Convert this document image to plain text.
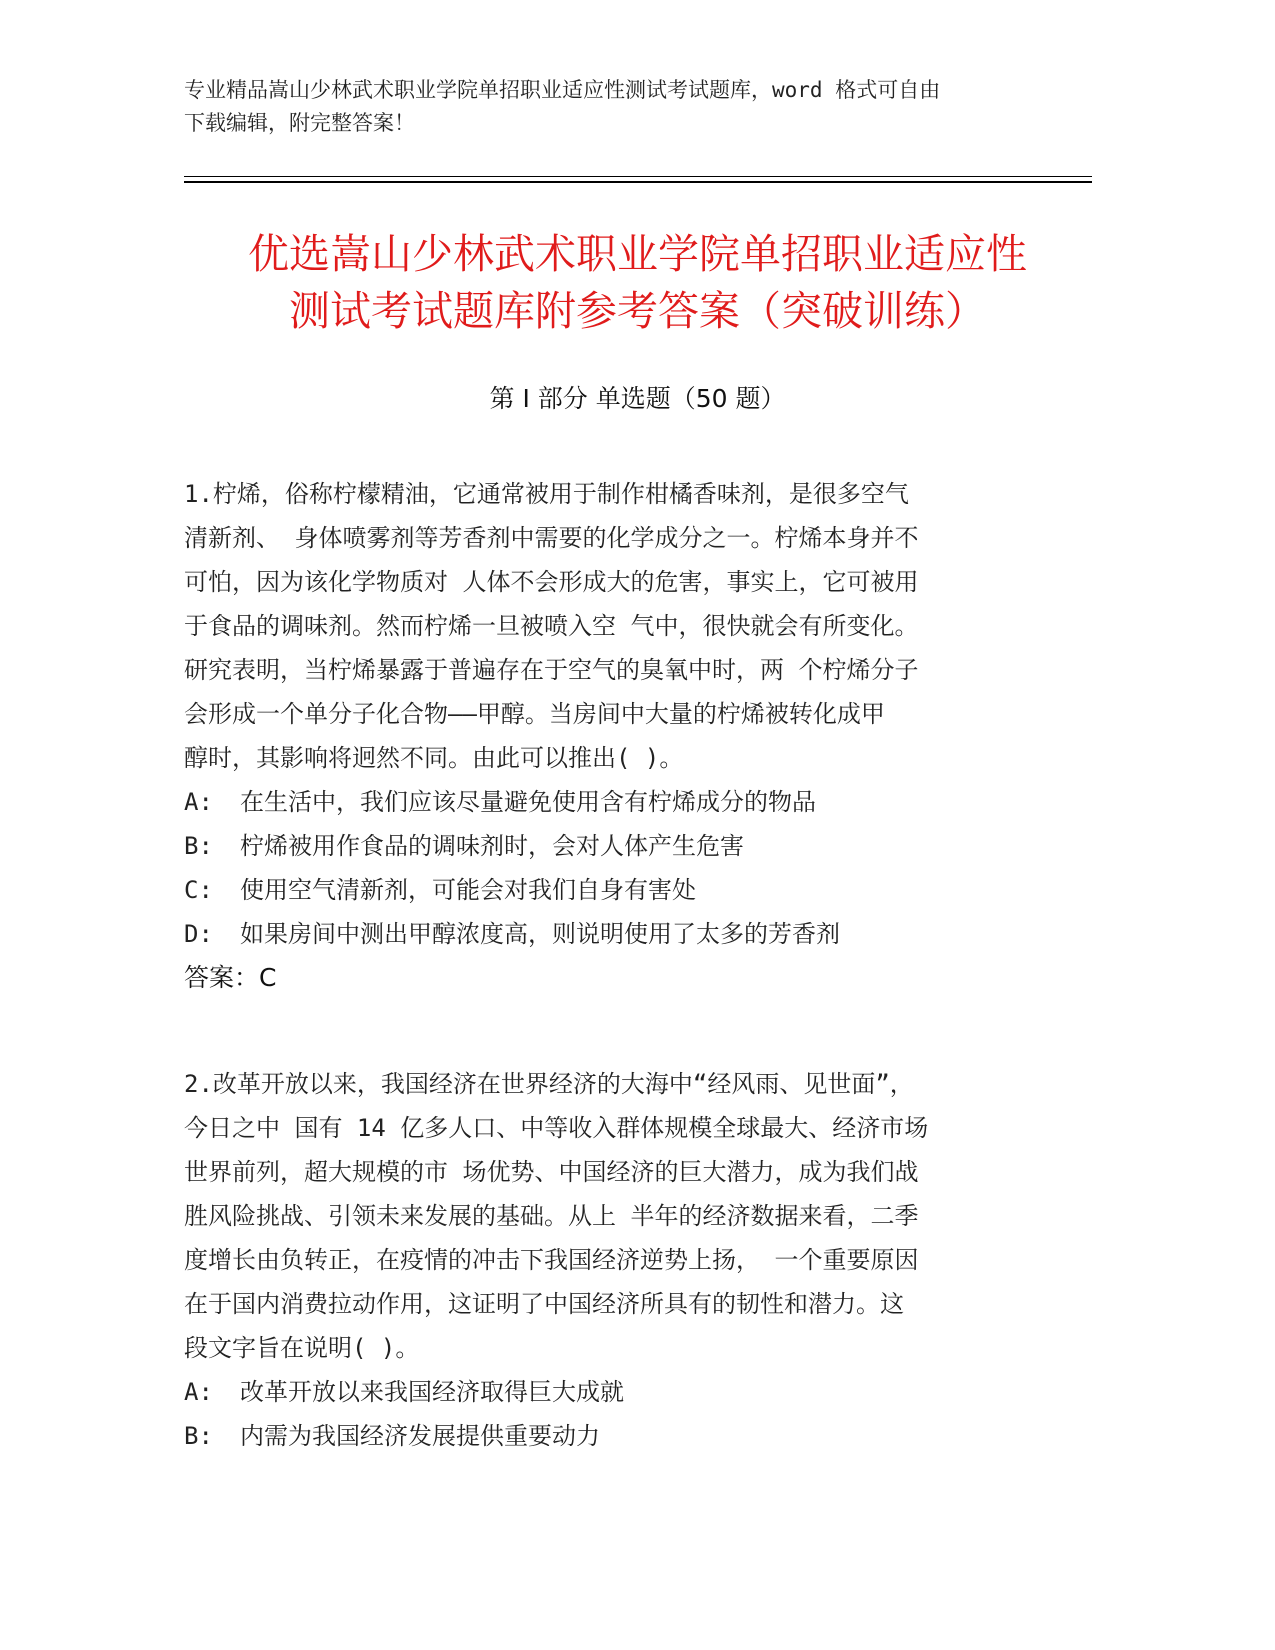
专业精品嵩山少林武术职业学院单招职业适应性测试考试题库，word 格式可自由
下载编辑，附完整答案！
优选嵩山少林武术职业学院单招职业适应性
测试考试题库附参考答案（突破训练）
第 I 部分 单选题（50 题）
1.柠烯，俗称柠檬精油，它通常被用于制作柑橘香味剂，是很多空气
清新剂、 身体喷雾剂等芳香剂中需要的化学成分之一。柠烯本身并不
可怕，因为该化学物质对 人体不会形成大的危害，事实上，它可被用
于食品的调味剂。然而柠烯一旦被喷入空 气中，很快就会有所变化。
研究表明，当柠烯暴露于普遍存在于空气的臭氧中时，两 个柠烯分子
会形成一个单分子化合物——甲醇。当房间中大量的柠烯被转化成甲
醇时，其影响将迥然不同。由此可以推出( )。
A: 在生活中，我们应该尽量避免使用含有柠烯成分的物品
B: 柠烯被用作食品的调味剂时，会对人体产生危害
C: 使用空气清新剂，可能会对我们自身有害处
D: 如果房间中测出甲醇浓度高，则说明使用了太多的芳香剂
答案：C
2.改革开放以来，我国经济在世界经济的大海中“经风雨、见世面”，
今日之中 国有 14 亿多人口、中等收入群体规模全球最大、经济市场
世界前列，超大规模的市 场优势、中国经济的巨大潜力，成为我们战
胜风险挑战、引领未来发展的基础。从上 半年的经济数据来看，二季
度增长由负转正，在疫情的冲击下我国经济逆势上扬， 一个重要原因
在于国内消费拉动作用，这证明了中国经济所具有的韧性和潜力。这
段文字旨在说明( )。
A: 改革开放以来我国经济取得巨大成就
B: 内需为我国经济发展提供重要动力
